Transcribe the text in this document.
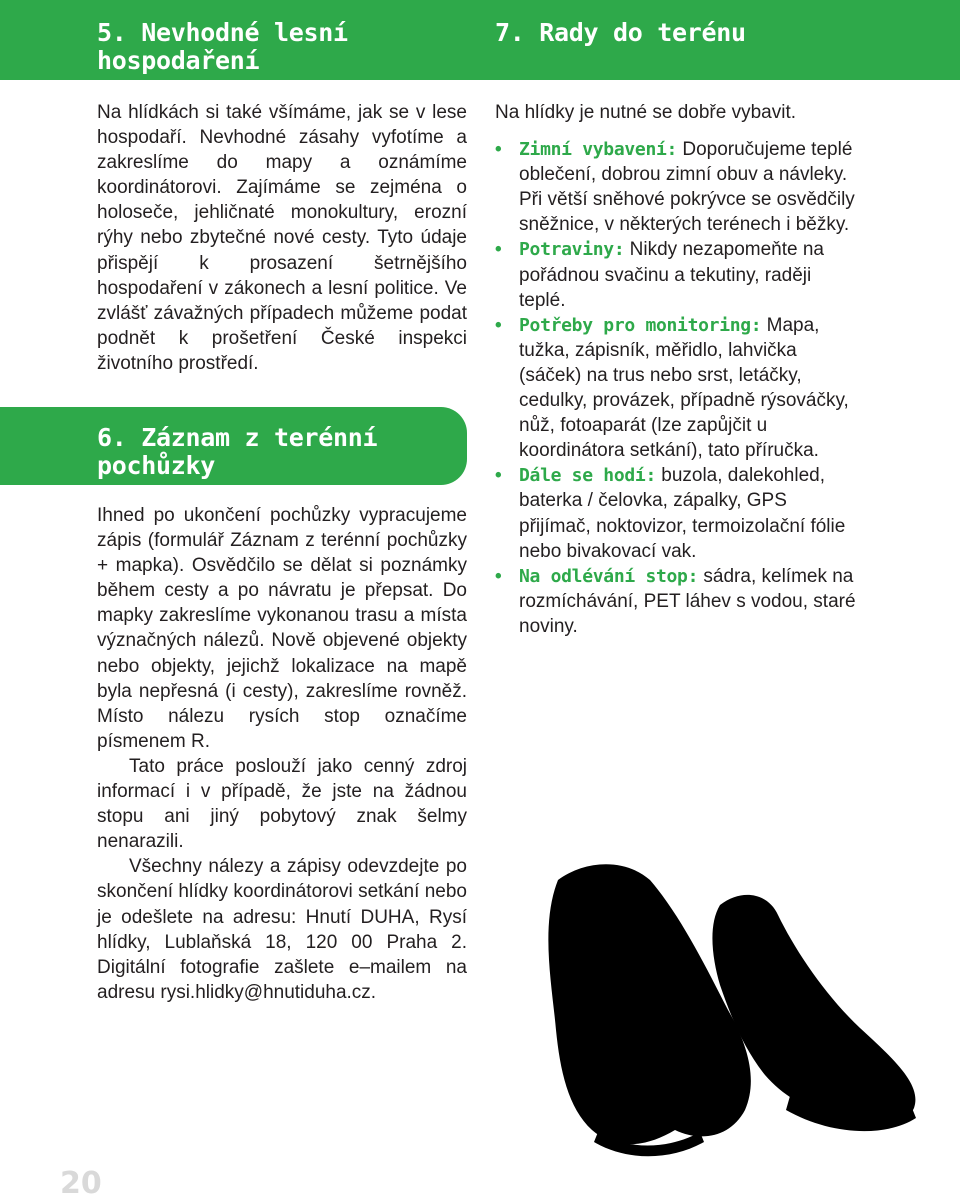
5. Nevhodné lesní hospodaření
7. Rady do terénu

Na hlídkách si také všímáme, jak se v lese hospodaří. Nevhodné zásahy vyfotíme a zakreslíme do mapy a oznámíme koordinátorovi. Zajímáme se zejména o holoseče, jehličnaté monokultury, erozní rýhy nebo zbytečné nové cesty. Tyto údaje přispějí k prosazení šetrnějšího hospodaření v zákonech a lesní politice. Ve zvlášť závažných případech můžeme podat podnět k prošetření České inspekci životního prostředí.

6. Záznam z terénní pochůzky

Ihned po ukončení pochůzky vypracujeme zápis (formulář Záznam z terénní pochůzky + mapka). Osvědčilo se dělat si poznámky během cesty a po návratu je přepsat. Do mapky zakreslíme vykonanou trasu a místa význačných nálezů. Nově objevené objekty nebo objekty, jejichž lokalizace na mapě byla nepřesná (i cesty), zakreslíme rovněž. Místo nálezu rysích stop označíme písmenem R.

Tato práce poslouží jako cenný zdroj informací i v případě, že jste na žádnou stopu ani jiný pobytový znak šelmy nenarazili.

Všechny nálezy a zápisy odevzdejte po skončení hlídky koordinátorovi setkání nebo je odešlete na adresu: Hnutí DUHA, Rysí hlídky, Lublaňská 18, 120 00 Praha 2. Digitální fotografie zašlete e–mailem na adresu rysi.hlidky@hnutiduha.cz.

Na hlídky je nutné se dobře vybavit.

• Zimní vybavení: Doporučujeme teplé oblečení, dobrou zimní obuv a návleky. Při větší sněhové pokrývce se osvědčily sněžnice, v některých terénech i běžky.
• Potraviny: Nikdy nezapomeňte na pořádnou svačinu a tekutiny, raději teplé.
• Potřeby pro monitoring: Mapa, tužka, zápisník, měřidlo, lahvička (sáček) na trus nebo srst, letáčky, cedulky, provázek, případně rýsováčky, nůž, fotoaparát (lze zapůjčit u koordinátora setkání), tato příručka.
• Dále se hodí: buzola, dalekohled, baterka / čelovka, zápalky, GPS přijímač, noktovizor, termoizolační fólie nebo bivakovací vak.
• Na odlévání stop: sádra, kelímek na rozmíchávání, PET láhev s vodou, staré noviny.
20
